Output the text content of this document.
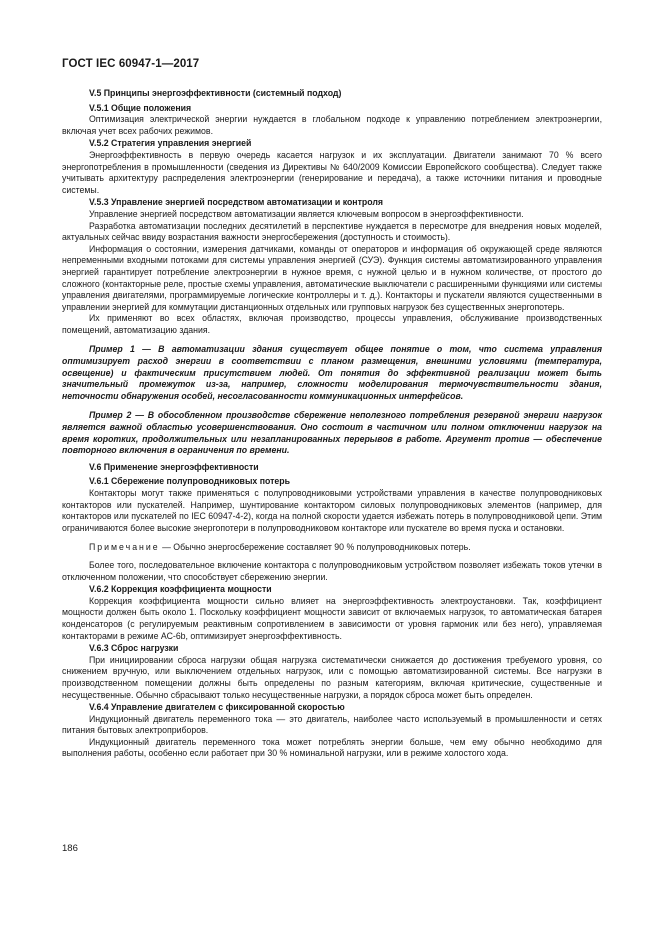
ГОСТ IEC 60947-1—2017

V.5 Принципы энергоэффективности (системный подход)

V.5.1 Общие положения

Оптимизация электрической энергии нуждается в глобальном подходе к управлению потреблением электроэнергии, включая учет всех рабочих режимов.

V.5.2 Стратегия управления энергией

Энергоэффективность в первую очередь касается нагрузок и их эксплуатации. Двигатели занимают 70 % всего энергопотребления в промышленности (сведения из Директивы № 640/2009 Комиссии Европейского сообщества). Следует также учитывать архитектуру распределения электроэнергии (генерирование и передача), а также источники питания и проводные системы.

V.5.3 Управление энергией посредством автоматизации и контроля

Управление энергией посредством автоматизации является ключевым вопросом в энергоэффективности.

Разработка автоматизации последних десятилетий в перспективе нуждается в пересмотре для внедрения новых моделей, актуальных сейчас ввиду возрастания важности энергосбережения (доступность и стоимость).

Информация о состоянии, измерения датчиками, команды от операторов и информация об окружающей среде являются непременными входными потоками для системы управления энергией (СУЭ). Функция системы автоматизированного управления энергией гарантирует потребление электроэнергии в нужное время, с нужной целью и в нужном количестве, от простого до сложного (контакторные реле, простые схемы управления, автоматические выключатели с расширенными функциями или системы управления двигателями, программируемые логические контроллеры и т. д.). Контакторы и пускатели являются существенными в управлении энергией для коммутации дистанционных отдельных или групповых нагрузок без существенных энергопотерь.

Их применяют во всех областях, включая производство, процессы управления, обслуживание производственных помещений, автоматизацию здания.

Пример 1 — В автоматизации здания существует общее понятие о том, что система управления оптимизирует расход энергии в соответствии с планом размещения, внешними условиями (температура, освещение) и фактическим присутствием людей. От понятия до эффективной реализации может быть значительный промежуток из-за, например, сложности моделирования термочувствительности здания, неточности обнаружения особей, несогласованности коммуникационных интерфейсов.

Пример 2 — В обособленном производстве сбережение неполезного потребления резервной энергии нагрузок является важной областью усовершенствования. Оно состоит в частичном или полном отключении нагрузок на время коротких, продолжительных или незапланированных перерывов в работе. Аргумент против — обеспечение повторного включения в ограничения по времени.

V.6 Применение энергоэффективности

V.6.1 Сбережение полупроводниковых потерь

Контакторы могут также применяться с полупроводниковыми устройствами управления в качестве полупроводниковых контакторов или пускателей. Например, шунтирование контактором силовых полупроводниковых элементов (например, для контакторов или пускателей по IEC 60947-4-2), когда на полной скорости удается избежать потерь в полупроводниковой цепи. Этим ограничиваются более высокие энергопотери в полупроводниковом контакторе или пускателе во время пуска и остановки.

Примечание — Обычно энергосбережение составляет 90 % полупроводниковых потерь.

Более того, последовательное включение контактора с полупроводниковым устройством позволяет избежать токов утечки в отключенном положении, что способствует сбережению энергии.

V.6.2 Коррекция коэффициента мощности

Коррекция коэффициента мощности сильно влияет на энергоэффективность электроустановки. Так, коэффициент мощности должен быть около 1. Поскольку коэффициент мощности зависит от включаемых нагрузок, то автоматическая батарея конденсаторов (с регулируемым реактивным сопротивлением в зависимости от уровня гармоник или без него), управляемая контакторами в режиме АС-6b, оптимизирует энергоэффективность.

V.6.3 Сброс нагрузки

При инициировании сброса нагрузки общая нагрузка систематически снижается до достижения требуемого уровня, со снижением вручную, или выключением отдельных нагрузок, или с помощью автоматизированной системы. Все нагрузки в производственном помещении должны быть определены по разным категориям, включая критические, существенные и несущественные. Обычно сбрасывают только несущественные нагрузки, а порядок сброса может быть определен.

V.6.4 Управление двигателем с фиксированной скоростью

Индукционный двигатель переменного тока — это двигатель, наиболее часто используемый в промышленности и сетях питания бытовых электроприборов.

Индукционный двигатель переменного тока может потреблять энергии больше, чем ему обычно необходимо для выполнения работы, особенно если работает при 30 % номинальной нагрузки, или в режиме холостого хода.

186
